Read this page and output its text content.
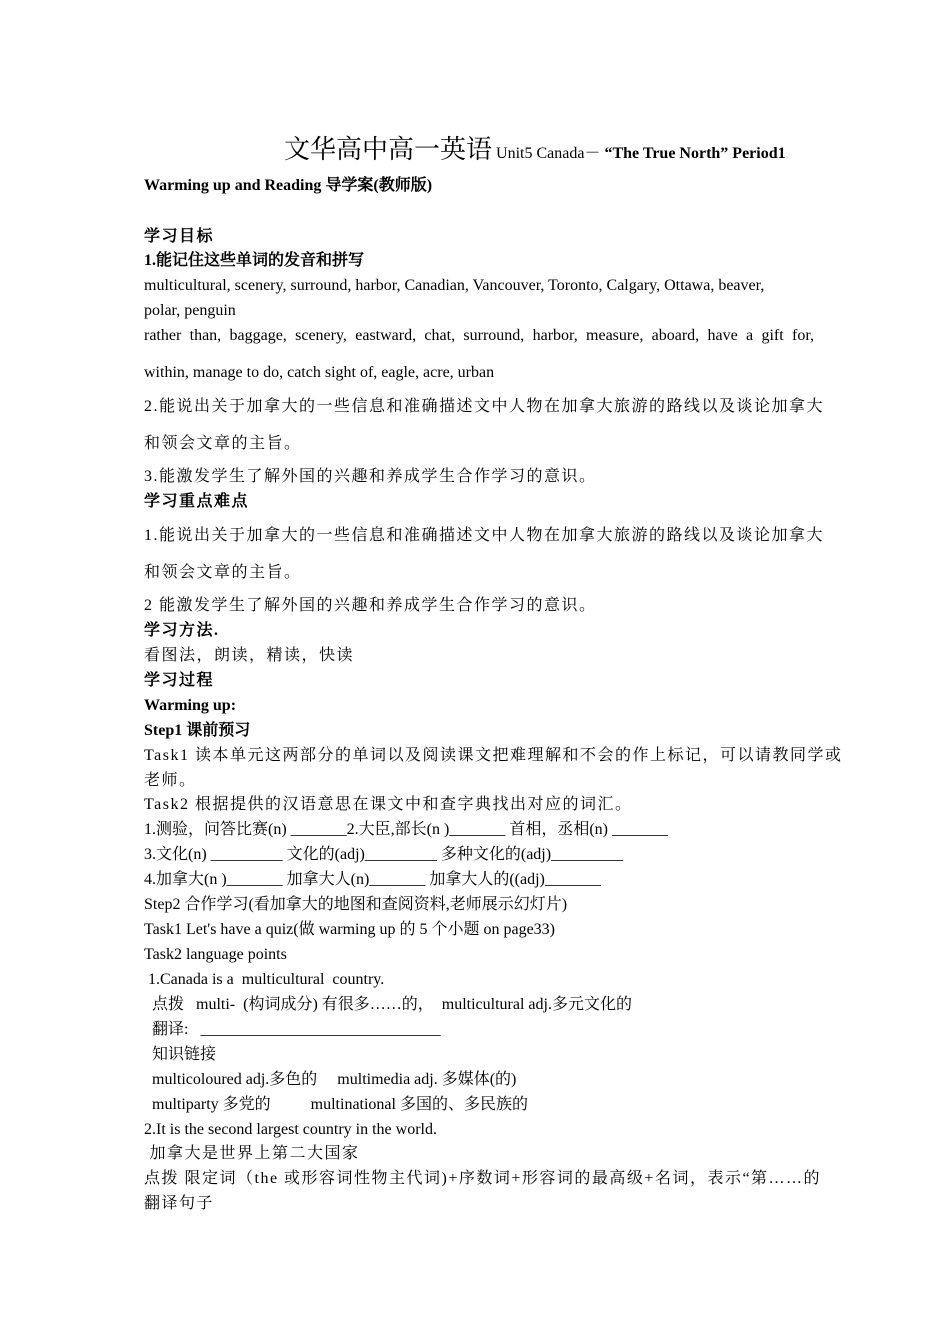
文华高中高一英语 Unit5 Canada－ “The True North” Period1
Warming up and Reading 导学案(教师版)
学习目标
1.能记住这些单词的发音和拼写
multicultural, scenery, surround, harbor, Canadian, Vancouver, Toronto, Calgary, Ottawa, beaver,
polar, penguin
rather than, baggage, scenery, eastward, chat, surround, harbor, measure, aboard, have a gift for,
within, manage to do, catch sight of, eagle, acre, urban
2.能说出关于加拿大的一些信息和准确描述文中人物在加拿大旅游的路线以及谈论加拿大
和领会文章的主旨。
3.能激发学生了解外国的兴趣和养成学生合作学习的意识。
学习重点难点
1.能说出关于加拿大的一些信息和准确描述文中人物在加拿大旅游的路线以及谈论加拿大
和领会文章的主旨。
2 能激发学生了解外国的兴趣和养成学生合作学习的意识。
学习方法.
看图法，朗读，精读，快读
学习过程
Warming up:
Step1 课前预习
Task1 读本单元这两部分的单词以及阅读课文把难理解和不会的作上标记，可以请教同学或
老师。
Task2 根据提供的汉语意思在课文中和查字典找出对应的词汇。
1.测验，问答比赛(n) _______2.大臣,部长(n )_______ 首相，丞相(n) _______
3.文化(n) _________ 文化的(adj)_________ 多种文化的(adj)_________
4.加拿大(n )_______ 加拿大人(n)_______ 加拿大人的((adj)_______
Step2 合作学习(看加拿大的地图和查阅资料,老师展示幻灯片)
Task1 Let's have a quiz(做 warming up 的 5 个小题 on page33)
Task2 language points
1.Canada is a  multicultural  country.
点拨   multi-  (构词成分) 有很多……的，  multicultural adj.多元文化的
翻译:   ______________________________
知识链接
multicoloured adj.多色的     multimedia adj. 多媒体(的)
multiparty 多党的          multinational 多国的、多民族的
2.It is the second largest country in the world.
加拿大是世界上第二大国家
点拨 限定词（the 或形容词性物主代词)+序数词+形容词的最高级+名词，表示“第……的
翻译句子
